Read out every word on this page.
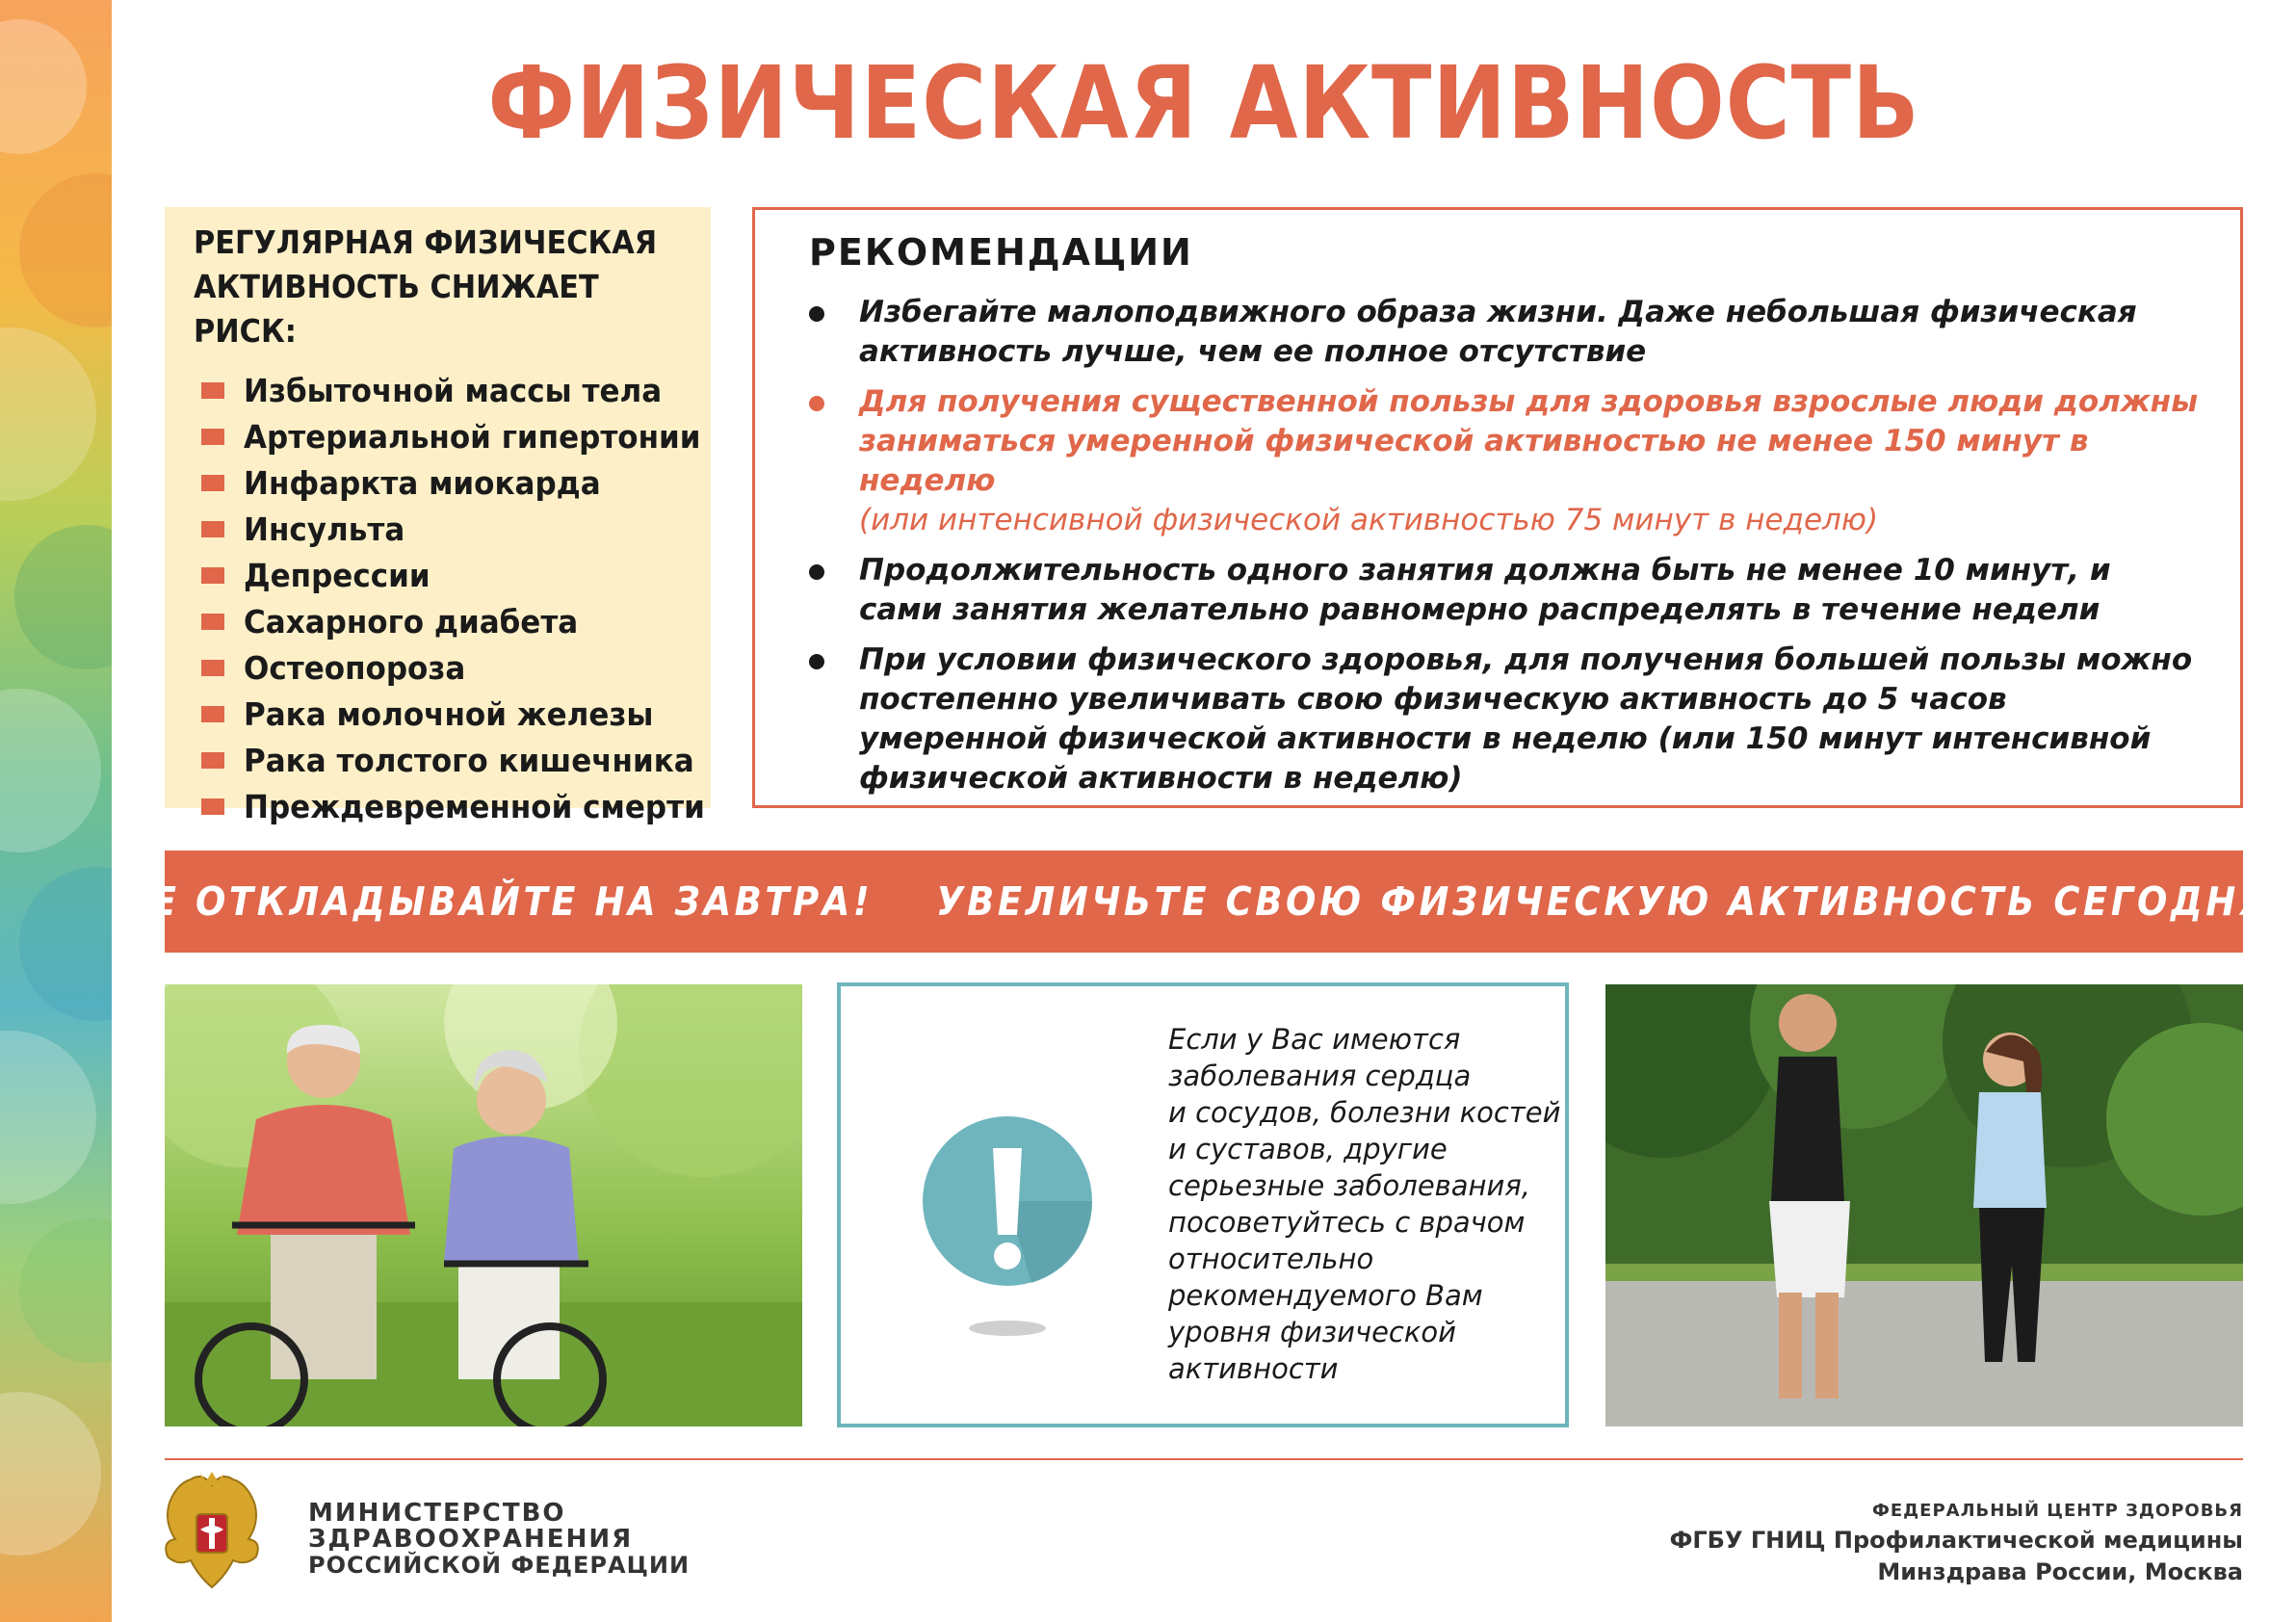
ФИЗИЧЕСКАЯ АКТИВНОСТЬ
РЕГУЛЯРНАЯ ФИЗИЧЕСКАЯ АКТИВНОСТЬ СНИЖАЕТ РИСК:
Избыточной массы тела
Артериальной гипертонии
Инфаркта миокарда
Инсульта
Депрессии
Сахарного диабета
Остеопороза
Рака молочной железы
Рака толстого кишечника
Преждевременной смерти
РЕКОМЕНДАЦИИ
Избегайте малоподвижного образа жизни. Даже небольшая физическая активность лучше, чем ее полное отсутствие
Для получения существенной пользы для здоровья взрослые люди должны заниматься умеренной физической активностью не менее 150 минут в неделю
(или интенсивной физической активностью 75 минут в неделю)
Продолжительность одного занятия должна быть не менее 10 минут, и сами занятия желательно равномерно распределять в течение недели
При условии физического здоровья, для получения большей пользы можно постепенно увеличивать свою физическую активность до 5 часов умеренной физической активности в неделю (или 150 минут интенсивной физической активности в неделю)
НЕ ОТКЛАДЫВАЙТЕ НА ЗАВТРА!    УВЕЛИЧЬТЕ СВОЮ ФИЗИЧЕСКУЮ АКТИВНОСТЬ СЕГОДНЯ!
Если у Вас имеются
заболевания сердца
и сосудов, болезни костей
и суставов, другие
серьезные заболевания,
посоветуйтесь с врачом
относительно
рекомендуемого Вам
уровня физической
активности
МИНИСТЕРСТВО
ЗДРАВООХРАНЕНИЯ
РОССИЙСКОЙ ФЕДЕРАЦИИ
ФЕДЕРАЛЬНЫЙ ЦЕНТР ЗДОРОВЬЯ
ФГБУ ГНИЦ Профилактической медицины
Минздрава России, Москва
